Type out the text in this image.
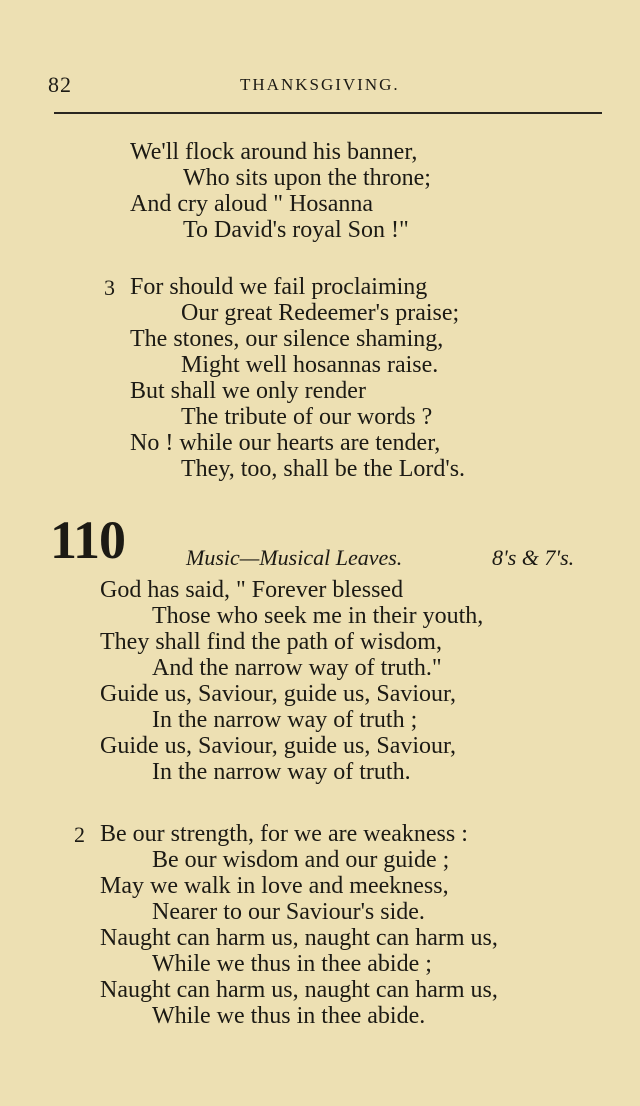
82	THANKSGIVING.
We'll flock around his banner,
Who sits upon the throne;
And cry aloud " Hosanna
To David's royal Son !"
3 For should we fail proclaiming
Our great Redeemer's praise;
The stones, our silence shaming,
Might well hosannas raise.
But shall we only render
The tribute of our words ?
No ! while our hearts are tender,
They, too, shall be the Lord's.
110	Music—Musical Leaves.	8's & 7's.
God has said, " Forever blessed
Those who seek me in their youth,
They shall find the path of wisdom,
And the narrow way of truth."
Guide us, Saviour, guide us, Saviour,
In the narrow way of truth ;
Guide us, Saviour, guide us, Saviour,
In the narrow way of truth.
2 Be our strength, for we are weakness :
Be our wisdom and our guide ;
May we walk in love and meekness,
Nearer to our Saviour's side.
Naught can harm us, naught can harm us,
While we thus in thee abide ;
Naught can harm us, naught can harm us,
While we thus in thee abide.
